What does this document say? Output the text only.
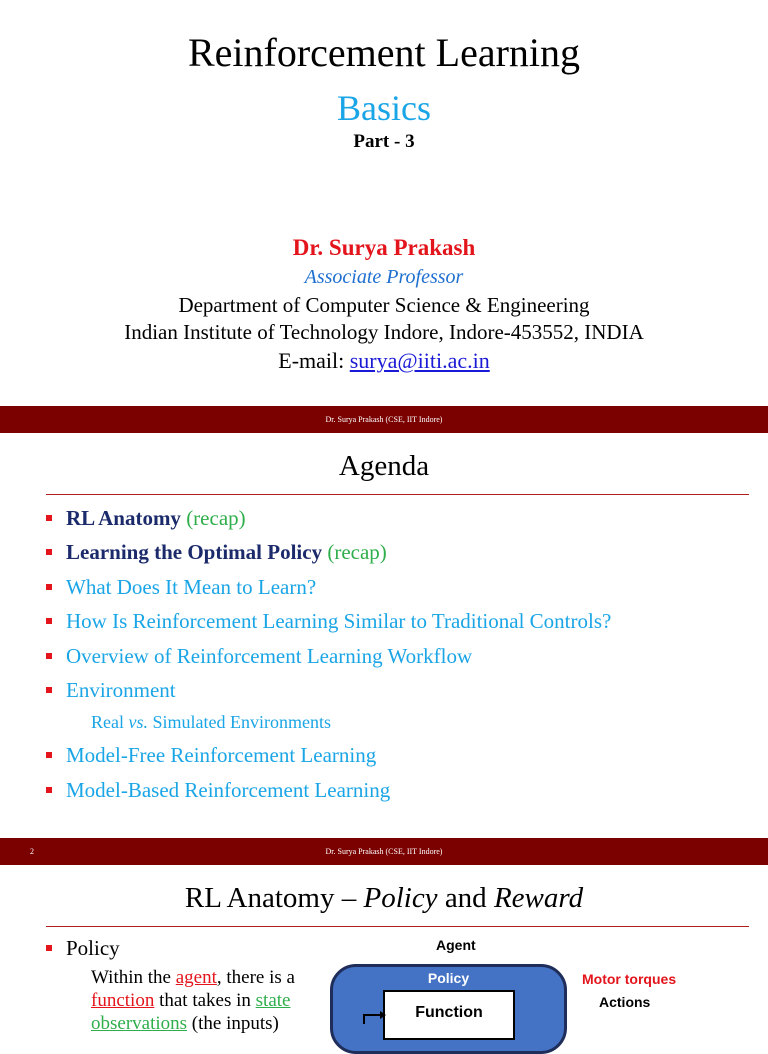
Reinforcement Learning
Basics
Part - 3
Dr. Surya Prakash
Associate Professor
Department of Computer Science & Engineering
Indian Institute of Technology Indore, Indore-453552, INDIA
E-mail: surya@iiti.ac.in
Dr. Surya Prakash (CSE, IIT Indore)
Agenda
RL Anatomy (recap)
Learning the Optimal Policy (recap)
What Does It Mean to Learn?
How Is Reinforcement Learning Similar to Traditional Controls?
Overview of Reinforcement Learning Workflow
Environment
Real vs. Simulated Environments
Model-Free Reinforcement Learning
Model-Based Reinforcement Learning
2	Dr. Surya Prakash (CSE, IIT Indore)
RL Anatomy – Policy and Reward
Policy
Within the agent, there is a
function that takes in state
observations (the inputs)
Agent
Policy
Function
Motor torques
Actions
